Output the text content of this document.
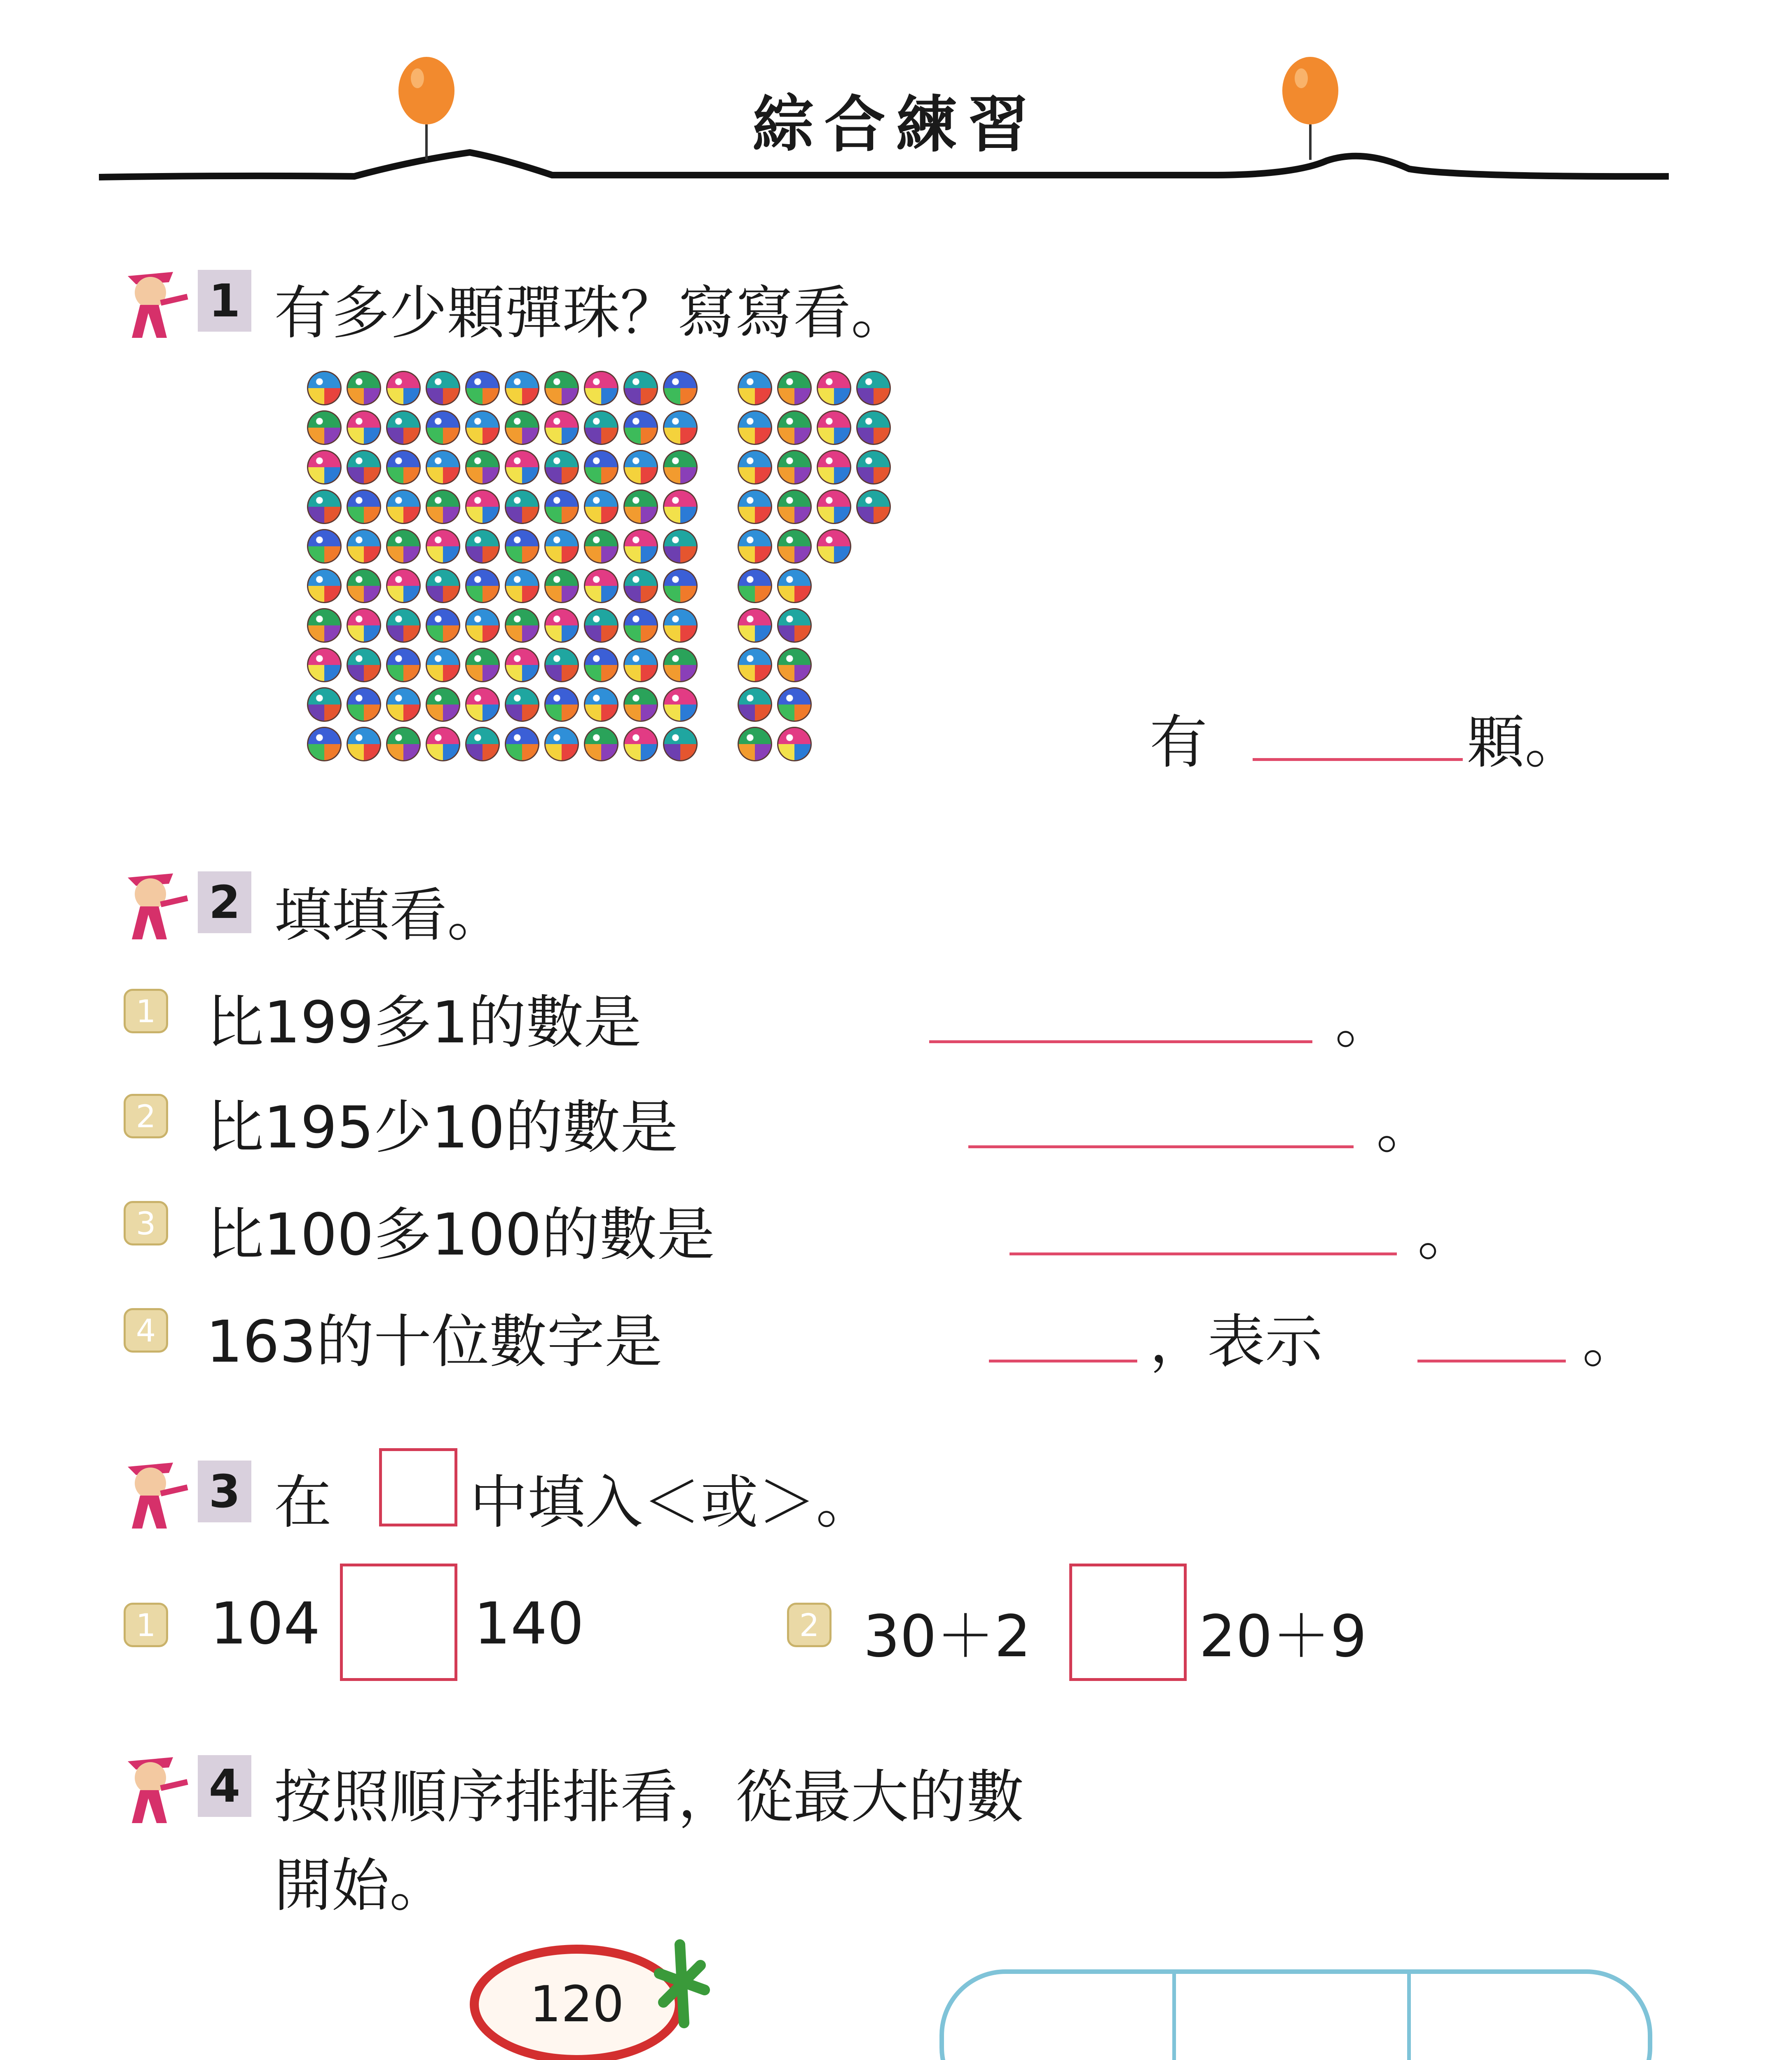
綜合練習
1 有多少顆彈珠？寫寫看。
有	顆。
2 填填看。
1 比199多1的數是	。
2 比195少10的數是	。
3 比100多100的數是	。
4 163的十位數字是	，表示	。
3 在 中填入＜或＞。
1 104	140	2 30＋2	20＋9
4 按照順序排排看，從最大的數
開始。
120
